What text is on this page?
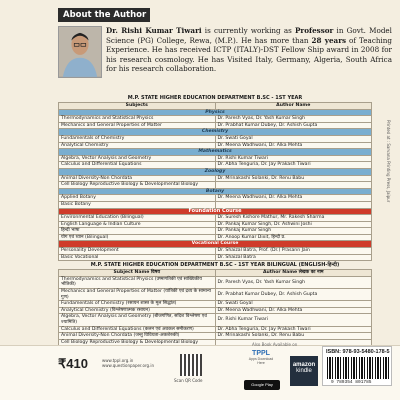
About the Author
Dr. Rishi Kumar Tiwari is currently working as Professor in Govt. Model Science (PG) College, Rewa, (M.P.). He has more than 28 years of Teaching Experience. He has received ICTP (ITALY)-DST Fellow Ship award in 2008 for his research cosmology. He has Visited Italy, Germany, Algeria, South Africa for his research collaboration.
M.P. STATE HIGHER EDUCATION DEPARTMENT B.SC - 1ST YEAR
Subjects	Author Name
Physics	
Thermodynamics and Statistical Physics	Dr. Paresh Vyas, Dr. Yash Kumar Singh
Mechanics and General Properties of Matter	Dr. Prabhat Kumar Dubey, Dr. Ashish Gupta
Chemistry	
Fundamentals of Chemistry	Dr. Swati Goyal
Analytical Chemistry	Dr. Meena Wadhwani, Dr. Alka Mehta
Mathematics	
Algebra, Vector Analysis and Geometry	Dr. Rishi Kumar Tiwari
Calculus and Differential Equations	Dr. Abha Tenguria, Dr. Jay Prakash Tiwari
Zoology	
Animal Diversity-Non Chordata	Dr. Mrinakashi Solanki, Dr. Renu Babu
Cell Biology Reproductive Biology & Developmental Biology	
Botany	
Applied Botany	Dr. Meena Wadhwani, Dr. Alka Mehta
Basic Botany	
Foundation Course	
Environmental Education (Bilingual)	Dr. Suresh Kishore Mathur, Mr. Rakesh Sharma
English Language & Indian Culture	Dr. Pankaj Kumar Singh, Dr. Ashwini Joshi
हिन्दी भाषा	Dr. Pankaj Kumar Singh
योग एवं ध्यान (Bilingual)	Dr. Anoop Kumar Dixit, हिन्दी प्र.
Vocational Course	
Personality Development	Dr. Shaizal Batra, Prof. (Dr.) Prasann Jain
Basic Vocational	Dr. Shaizal Batra
M.P. STATE HIGHER EDUCATION DEPARTMENT B.SC - 1ST YEAR BILINGUAL (ENGLISH-हिन्दी)
Subject Name विषय	Author Name लेखक का नाम
Thermodynamics and Statistical Physics (उष्मागतिकी एवं सांख्यिकीय भौतिकी)	Dr. Paresh Vyas, Dr. Yash Kumar Singh
Mechanics and General Properties of Matter (यांत्रिकी एवं द्रव्य के सामान्य गुण)	Dr. Prabhat Kumar Dubey, Dr. Ashish Gupta
Fundamentals of Chemistry (रसायन शास्त्र के मूल सिद्धांत)	Dr. Swati Goyal
Analytical Chemistry (विश्लेषणात्मक रसायन)	Dr. Meena Wadhwani, Dr. Alka Mehta
Algebra, Vector Analysis and Geometry (बीजगणित, सदिश विश्लेषण एवं ज्यामिति)	Dr. Rishi Kumar Tiwari
Calculus and Differential Equations (कलन एवं अवकल समीकरण)	Dr. Abha Tenguria, Dr. Jay Prakash Tiwari
Animal Diversity-Non Chordata (जन्तु विविधता-अकशेरुकी)	Dr. Mrinakashi Solanki, Dr. Renu Babu
Cell Biology Reproductive Biology & Developmental Biology	

Printed at : Sarvana Printing Press, Jaipur
₹410	www.tppl.org.in
www.questionpaper.org.in
Scan QR Code
Also Book Available on
TPPL
Apps Download Here
Google Play
amazon
kindle
ISBN: 978-93-5480-178-5
9 789354 801785
